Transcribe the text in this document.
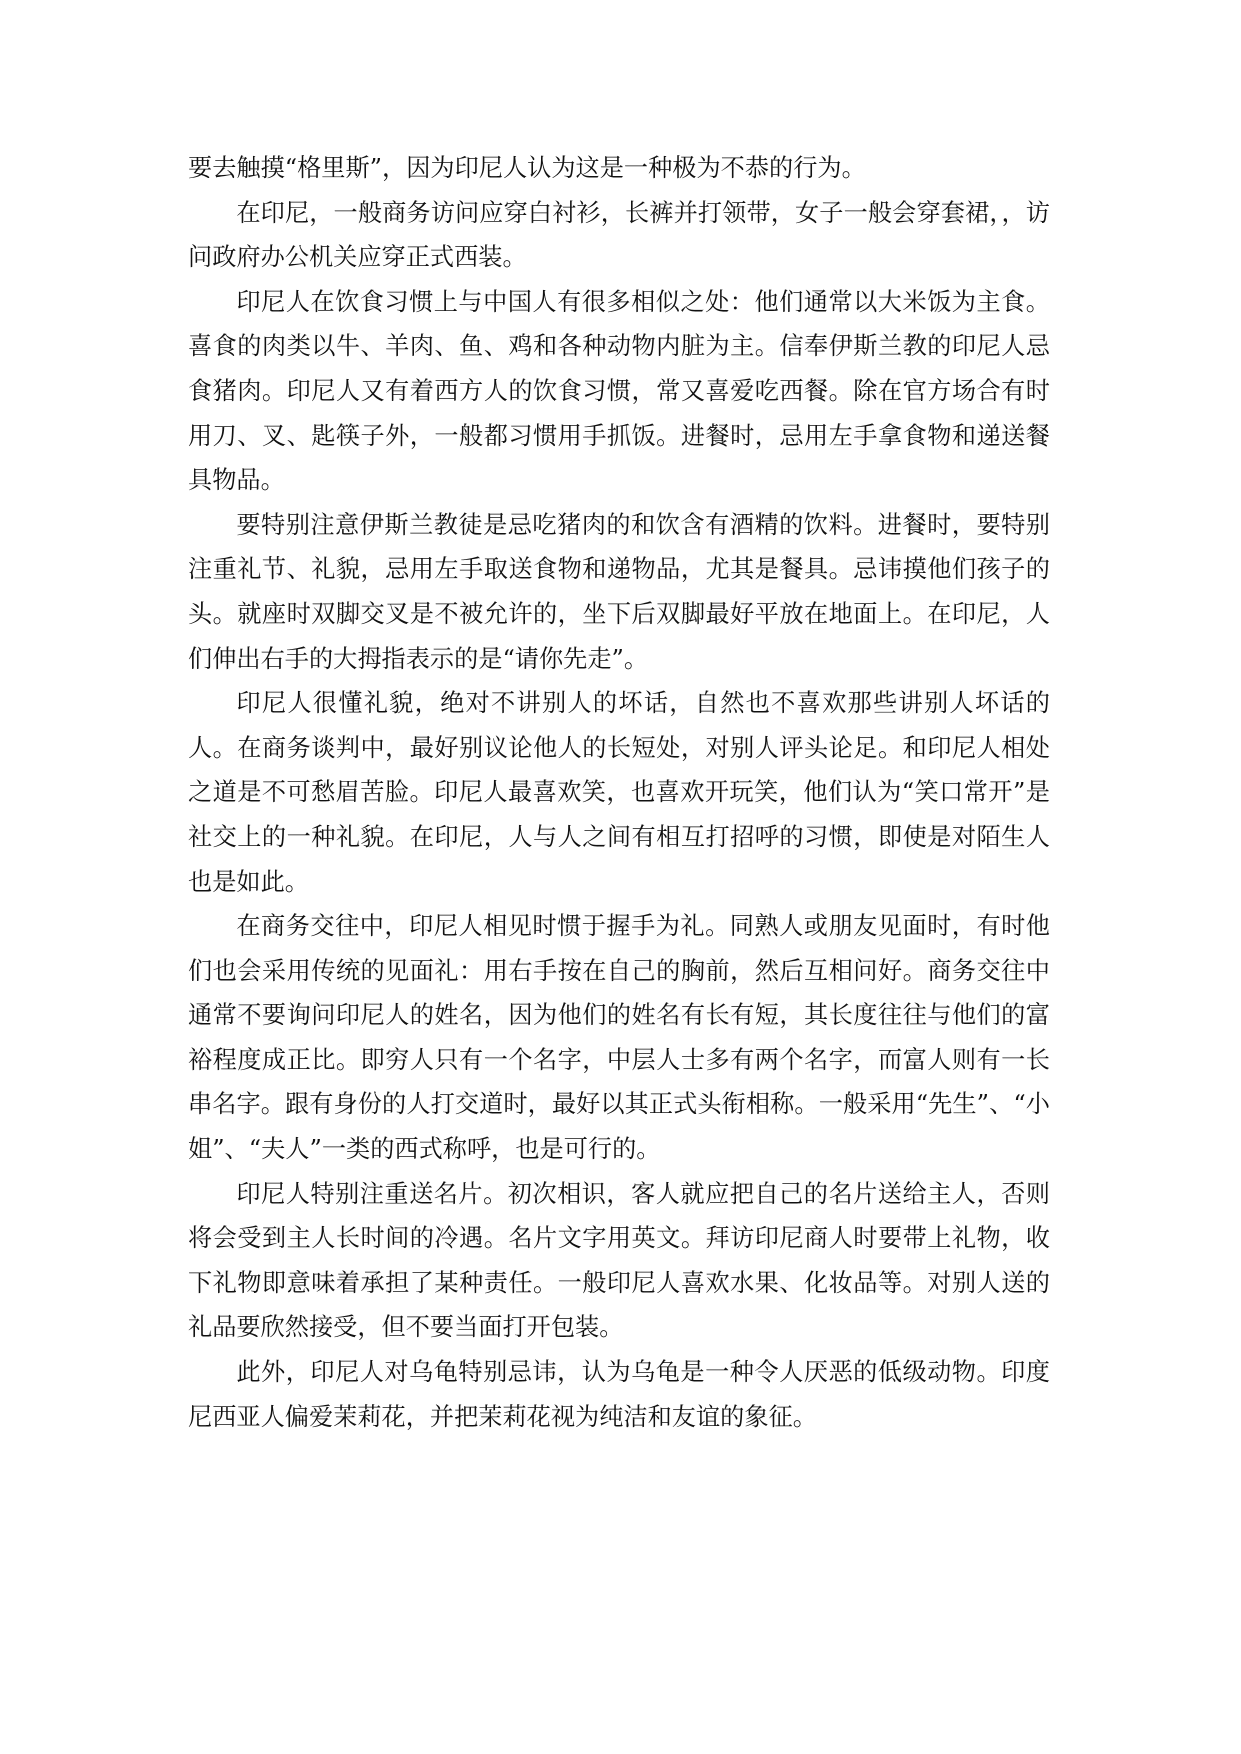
要去触摸“格里斯”，因为印尼人认为这是一种极为不恭的行为。

在印尼，一般商务访问应穿白衬衫，长裤并打领带，女子一般会穿套裙，，访问政府办公机关应穿正式西装。

印尼人在饮食习惯上与中国人有很多相似之处：他们通常以大米饭为主食。喜食的肉类以牛、羊肉、鱼、鸡和各种动物内脏为主。信奉伊斯兰教的印尼人忌食猪肉。印尼人又有着西方人的饮食习惯，常又喜爱吃西餐。除在官方场合有时用刀、叉、匙筷子外，一般都习惯用手抓饭。进餐时，忌用左手拿食物和递送餐具物品。

要特别注意伊斯兰教徒是忌吃猪肉的和饮含有酒精的饮料。进餐时，要特别注重礼节、礼貌，忌用左手取送食物和递物品，尤其是餐具。忌讳摸他们孩子的头。就座时双脚交叉是不被允许的，坐下后双脚最好平放在地面上。在印尼，人们伸出右手的大拇指表示的是“请你先走”。

印尼人很懂礼貌，绝对不讲别人的坏话，自然也不喜欢那些讲别人坏话的人。在商务谈判中，最好别议论他人的长短处，对别人评头论足。和印尼人相处之道是不可愁眉苦脸。印尼人最喜欢笑，也喜欢开玩笑，他们认为“笑口常开”是社交上的一种礼貌。在印尼，人与人之间有相互打招呼的习惯，即使是对陌生人也是如此。

在商务交往中，印尼人相见时惯于握手为礼。同熟人或朋友见面时，有时他们也会采用传统的见面礼：用右手按在自己的胸前，然后互相问好。商务交往中通常不要询问印尼人的姓名，因为他们的姓名有长有短，其长度往往与他们的富裕程度成正比。即穷人只有一个名字，中层人士多有两个名字，而富人则有一长串名字。跟有身份的人打交道时，最好以其正式头衔相称。一般采用“先生”、“小姐”、“夫人”一类的西式称呼，也是可行的。

印尼人特别注重送名片。初次相识，客人就应把自己的名片送给主人，否则将会受到主人长时间的冷遇。名片文字用英文。拜访印尼商人时要带上礼物，收下礼物即意味着承担了某种责任。一般印尼人喜欢水果、化妆品等。对别人送的礼品要欣然接受，但不要当面打开包装。

此外，印尼人对乌龟特别忌讳，认为乌龟是一种令人厌恶的低级动物。印度尼西亚人偏爱茉莉花，并把茉莉花视为纯洁和友谊的象征。
